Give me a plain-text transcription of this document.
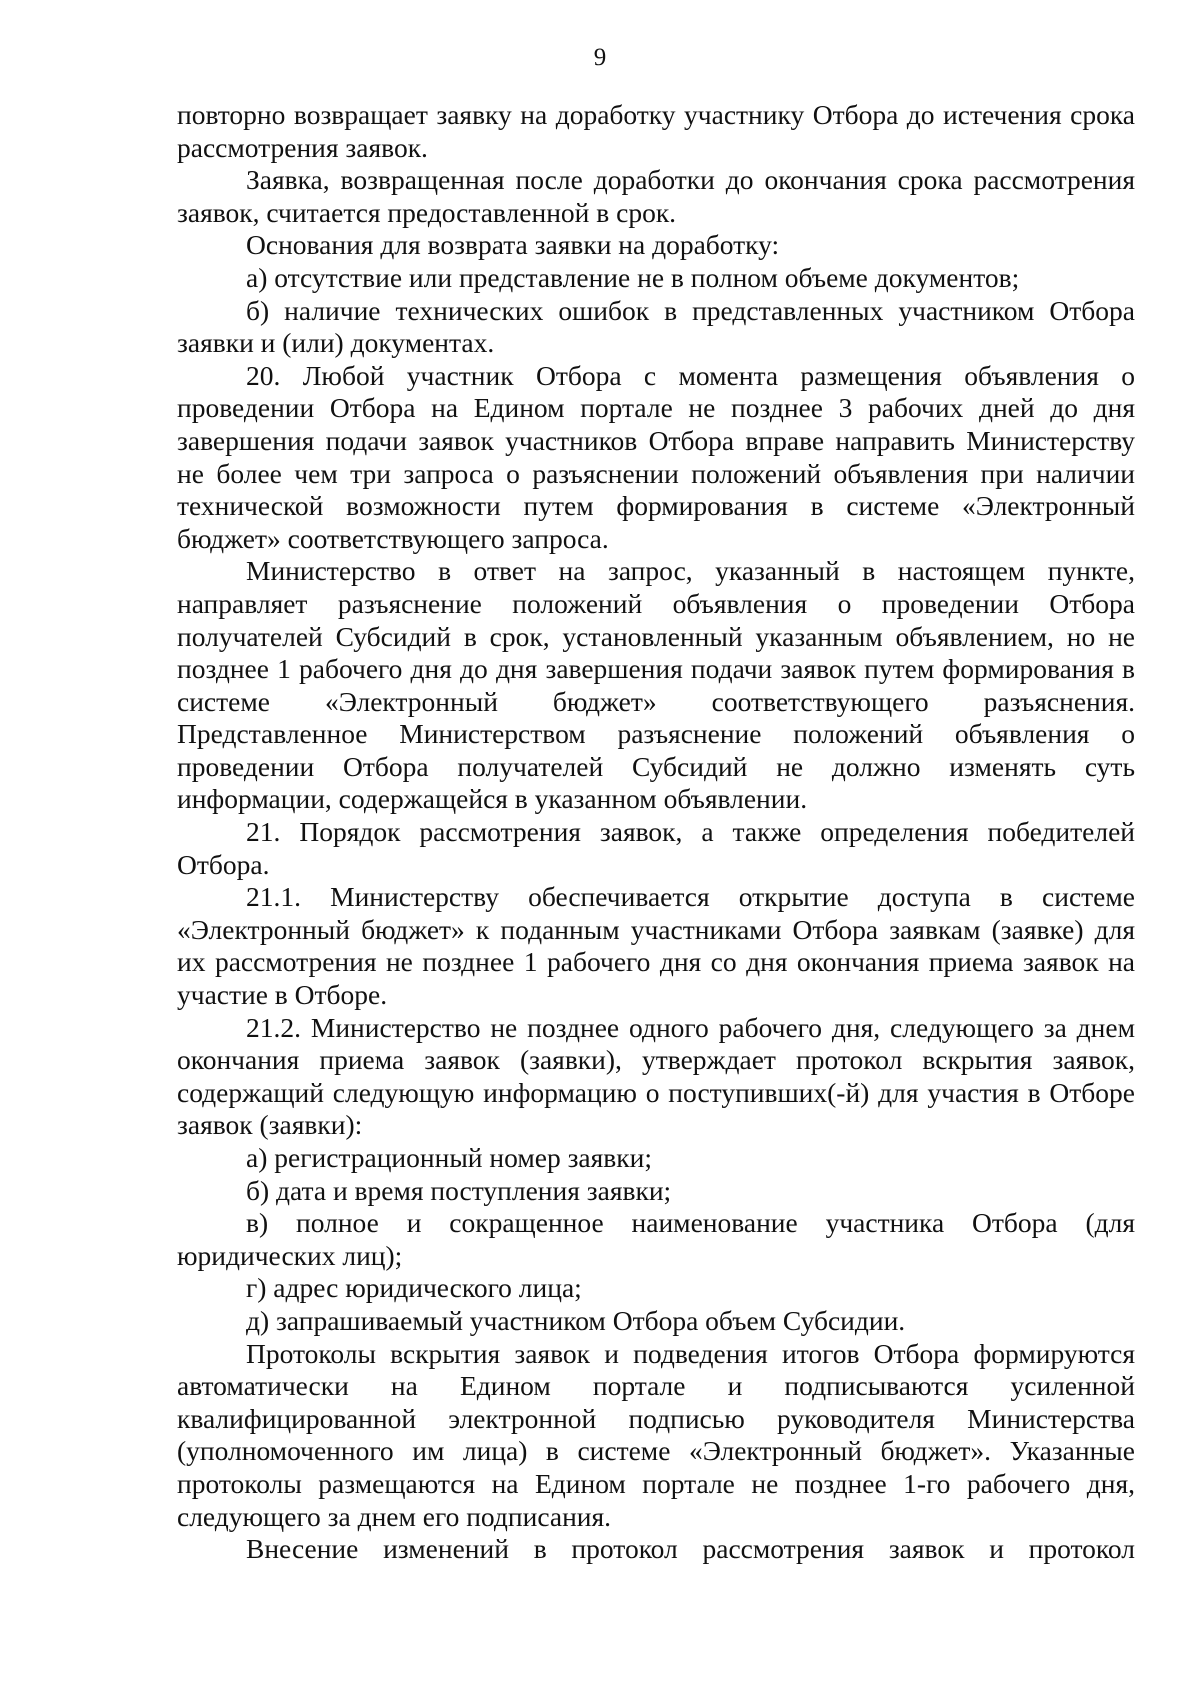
9

повторно возвращает заявку на доработку участнику Отбора до истечения срока рассмотрения заявок.

Заявка, возвращенная после доработки до окончания срока рассмотрения заявок, считается предоставленной в срок.

Основания для возврата заявки на доработку:

а) отсутствие или представление не в полном объеме документов;

б) наличие технических ошибок в представленных участником Отбора заявки и (или) документах.

20. Любой участник Отбора с момента размещения объявления о проведении Отбора на Едином портале не позднее 3 рабочих дней до дня завершения подачи заявок участников Отбора вправе направить Министерству не более чем три запроса о разъяснении положений объявления при наличии технической возможности путем формирования в системе «Электронный бюджет» соответствующего запроса.

Министерство в ответ на запрос, указанный в настоящем пункте, направляет разъяснение положений объявления о проведении Отбора получателей Субсидий в срок, установленный указанным объявлением, но не позднее 1 рабочего дня до дня завершения подачи заявок путем формирования в системе «Электронный бюджет» соответствующего разъяснения. Представленное Министерством разъяснение положений объявления о проведении Отбора получателей Субсидий не должно изменять суть информации, содержащейся в указанном объявлении.

21. Порядок рассмотрения заявок, а также определения победителей Отбора.

21.1. Министерству обеспечивается открытие доступа в системе «Электронный бюджет» к поданным участниками Отбора заявкам (заявке) для их рассмотрения не позднее 1 рабочего дня со дня окончания приема заявок на участие в Отборе.

21.2. Министерство не позднее одного рабочего дня, следующего за днем окончания приема заявок (заявки), утверждает протокол вскрытия заявок, содержащий следующую информацию о поступивших(-й) для участия в Отборе заявок (заявки):

а) регистрационный номер заявки;

б) дата и время поступления заявки;

в) полное и сокращенное наименование участника Отбора (для юридических лиц);

г) адрес юридического лица;

д) запрашиваемый участником Отбора объем Субсидии.

Протоколы вскрытия заявок и подведения итогов Отбора формируются автоматически на Едином портале и подписываются усиленной квалифицированной электронной подписью руководителя Министерства (уполномоченного им лица) в системе «Электронный бюджет». Указанные протоколы размещаются на Едином портале не позднее 1-го рабочего дня, следующего за днем его подписания.

Внесение изменений в протокол рассмотрения заявок и протокол
